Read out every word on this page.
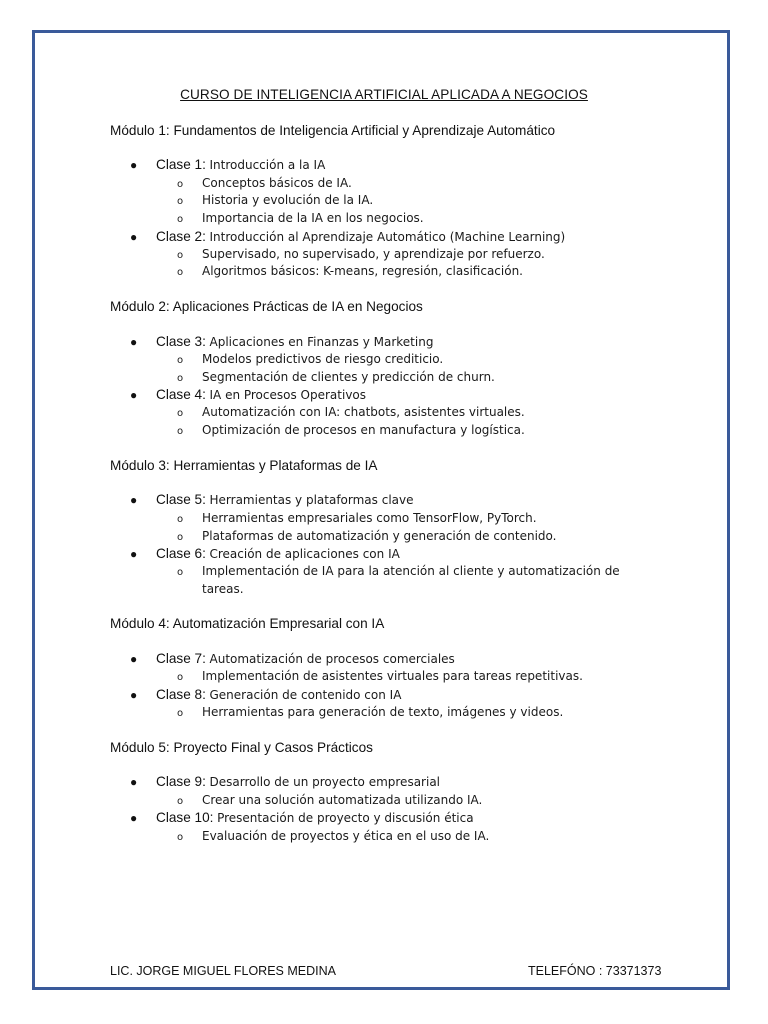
CURSO DE INTELIGENCIA ARTIFICIAL APLICADA A NEGOCIOS
Módulo 1: Fundamentos de Inteligencia Artificial y Aprendizaje Automático
● Clase 1: Introducción a la IA
o Conceptos básicos de IA.
o Historia y evolución de la IA.
o Importancia de la IA en los negocios.
● Clase 2: Introducción al Aprendizaje Automático (Machine Learning)
o Supervisado, no supervisado, y aprendizaje por refuerzo.
o Algoritmos básicos: K-means, regresión, clasificación.
Módulo 2: Aplicaciones Prácticas de IA en Negocios
● Clase 3: Aplicaciones en Finanzas y Marketing
o Modelos predictivos de riesgo crediticio.
o Segmentación de clientes y predicción de churn.
● Clase 4: IA en Procesos Operativos
o Automatización con IA: chatbots, asistentes virtuales.
o Optimización de procesos en manufactura y logística.
Módulo 3: Herramientas y Plataformas de IA
● Clase 5: Herramientas y plataformas clave
o Herramientas empresariales como TensorFlow, PyTorch.
o Plataformas de automatización y generación de contenido.
● Clase 6: Creación de aplicaciones con IA
o Implementación de IA para la atención al cliente y automatización de
tareas.
Módulo 4: Automatización Empresarial con IA
● Clase 7: Automatización de procesos comerciales
o Implementación de asistentes virtuales para tareas repetitivas.
● Clase 8: Generación de contenido con IA
o Herramientas para generación de texto, imágenes y videos.
Módulo 5: Proyecto Final y Casos Prácticos
● Clase 9: Desarrollo de un proyecto empresarial
o Crear una solución automatizada utilizando IA.
● Clase 10: Presentación de proyecto y discusión ética
o Evaluación de proyectos y ética en el uso de IA.
LIC. JORGE MIGUEL FLORES MEDINA	TELEFÓNO : 73371373
